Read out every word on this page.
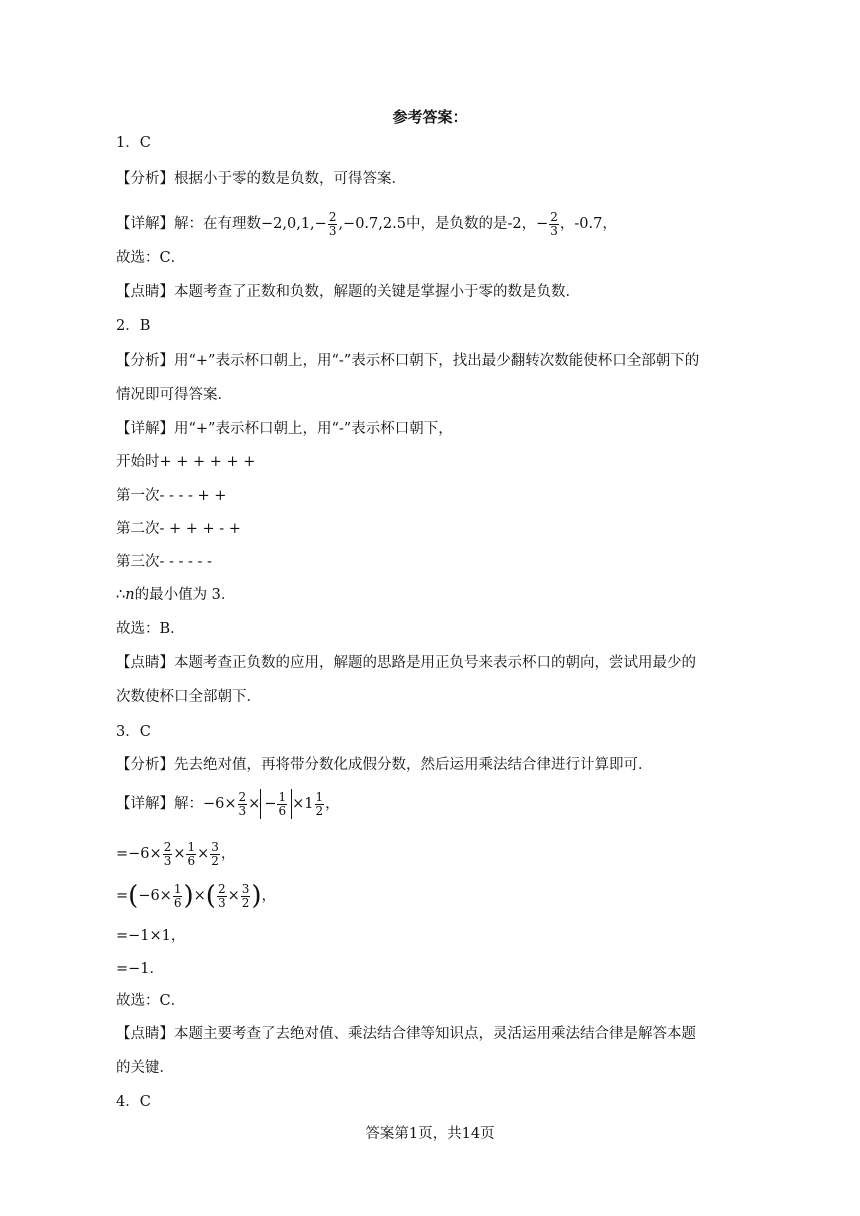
参考答案：
1．C
【分析】根据小于零的数是负数，可得答案．
【详解】解：在有理数$-2,0,1,- \frac{2}{3} ,-0.7,2.5$中，是负数的是-2，− $\frac{2}{3}$ ，-0.7，
故选：C．
【点睛】本题考查了正数和负数，解题的关键是掌握小于零的数是负数．
2．B
【分析】用“+”表示杯口朝上，用“-”表示杯口朝下，找出最少翻转次数能使杯口全部朝下的
情况即可得答案．
【详解】用“+”表示杯口朝上，用“-”表示杯口朝下，
开始时+ + + + + +
第一次- - - - + +
第二次- + + + - +
第三次- - - - - -
∴n的最小值为 3．
故选：B．
【点睛】本题考查正负数的应用，解题的思路是用正负号来表示杯口的朝向，尝试用最少的
次数使杯口全部朝下．
3．C
【分析】先去绝对值，再将带分数化成假分数，然后运用乘法结合律进行计算即可．
【详解】解：$-6\times \frac{2}{3}$ × − $\frac{1}{6} \times 1 \frac{1}{2}$ ，
$=-6\times \frac{2}{3} \times \frac{1}{6} \times \frac{3}{2}$ ，
$=(-6\times \frac{1}{6}$ )×( $\frac{2}{3} \times \frac{3}{2}$ )，
=−1×1，
=−1．
故选：C．
【点睛】本题主要考查了去绝对值、乘法结合律等知识点，灵活运用乘法结合律是解答本题
的关键．
4．C
答案第1页，共14页
